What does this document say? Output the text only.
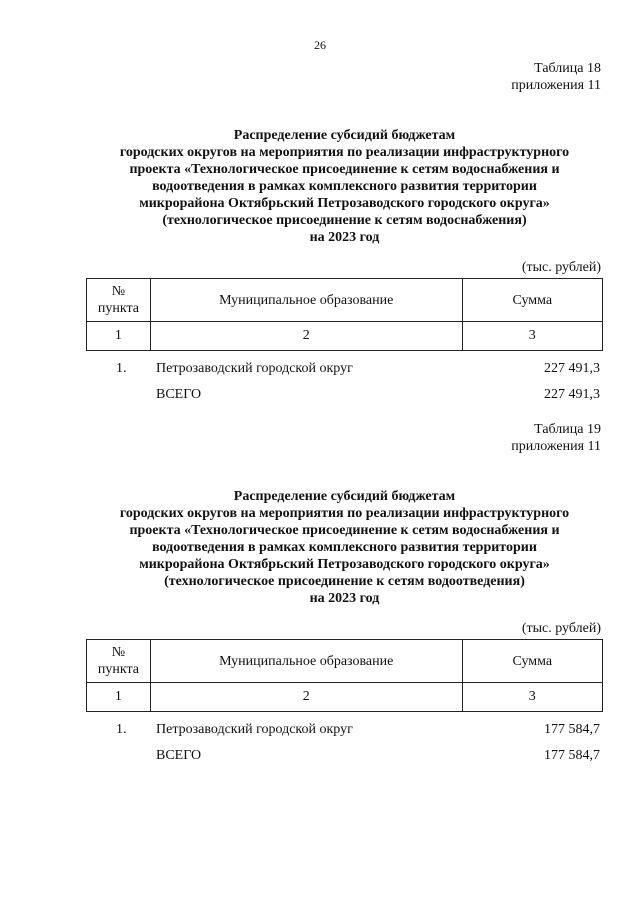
26
Таблица 18
приложения 11
Распределение субсидий бюджетам
городских округов на мероприятия по реализации инфраструктурного
проекта «Технологическое присоединение к сетям водоснабжения и
водоотведения в рамках комплексного развития территории
микрорайона Октябрьский Петрозаводского городского округа»
(технологическое присоединение к сетям водоснабжения)
на 2023 год
(тыс. рублей)
№
пункта	Муниципальное образование	Сумма
1	2	3
1. Петрозаводский городской округ	227 491,3
ВСЕГО	227 491,3
Таблица 19
приложения 11
Распределение субсидий бюджетам
городских округов на мероприятия по реализации инфраструктурного
проекта «Технологическое присоединение к сетям водоснабжения и
водоотведения в рамках комплексного развития территории
микрорайона Октябрьский Петрозаводского городского округа»
(технологическое присоединение к сетям водоотведения)
на 2023 год
(тыс. рублей)
№
пункта	Муниципальное образование	Сумма
1	2	3
1. Петрозаводский городской округ	177 584,7
ВСЕГО	177 584,7
